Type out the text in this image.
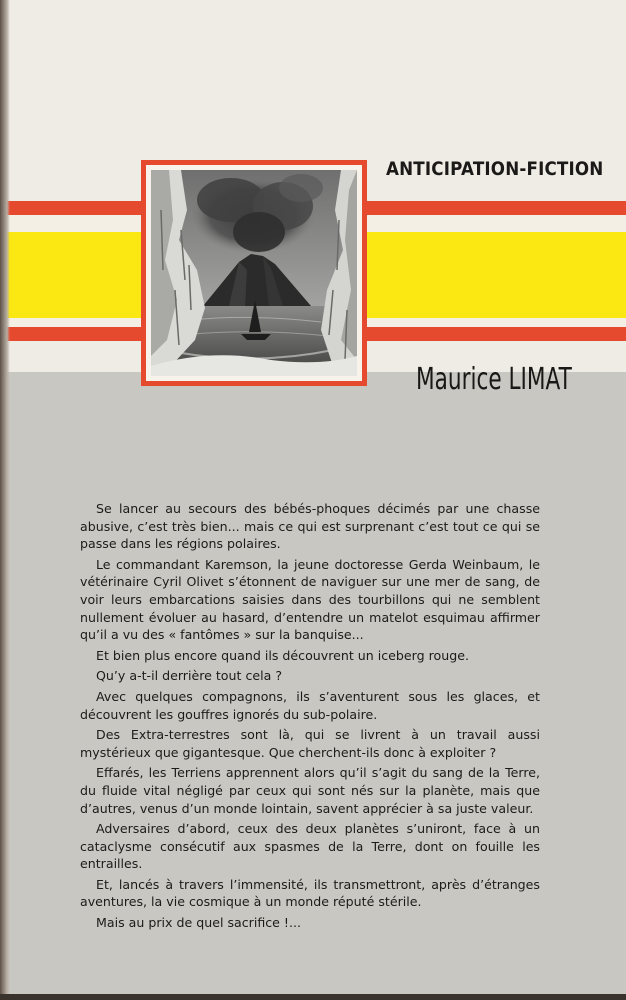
ANTICIPATION-FICTION
Maurice LIMAT

Se lancer au secours des bébés-phoques décimés par une chasse abusive, c’est très bien... mais ce qui est surprenant c’est tout ce qui se passe dans les régions polaires.

Le commandant Karemson, la jeune doctoresse Gerda Weinbaum, le vétérinaire Cyril Olivet s’étonnent de naviguer sur une mer de sang, de voir leurs embarcations saisies dans des tourbillons qui ne semblent nullement évoluer au hasard, d’entendre un matelot esquimau affirmer qu’il a vu des « fantômes » sur la banquise...

Et bien plus encore quand ils découvrent un iceberg rouge.

Qu’y a-t-il derrière tout cela ?

Avec quelques compagnons, ils s’aventurent sous les glaces, et découvrent les gouffres ignorés du sub-polaire.

Des Extra-terrestres sont là, qui se livrent à un travail aussi mystérieux que gigantesque. Que cherchent-ils donc à exploiter ?

Effarés, les Terriens apprennent alors qu’il s’agit du sang de la Terre, du fluide vital négligé par ceux qui sont nés sur la planète, mais que d’autres, venus d’un monde lointain, savent apprécier à sa juste valeur.

Adversaires d’abord, ceux des deux planètes s’uniront, face à un cataclysme consécutif aux spasmes de la Terre, dont on fouille les entrailles.

Et, lancés à travers l’immensité, ils transmettront, après d’étranges aventures, la vie cosmique à un monde réputé stérile.

Mais au prix de quel sacrifice !...
